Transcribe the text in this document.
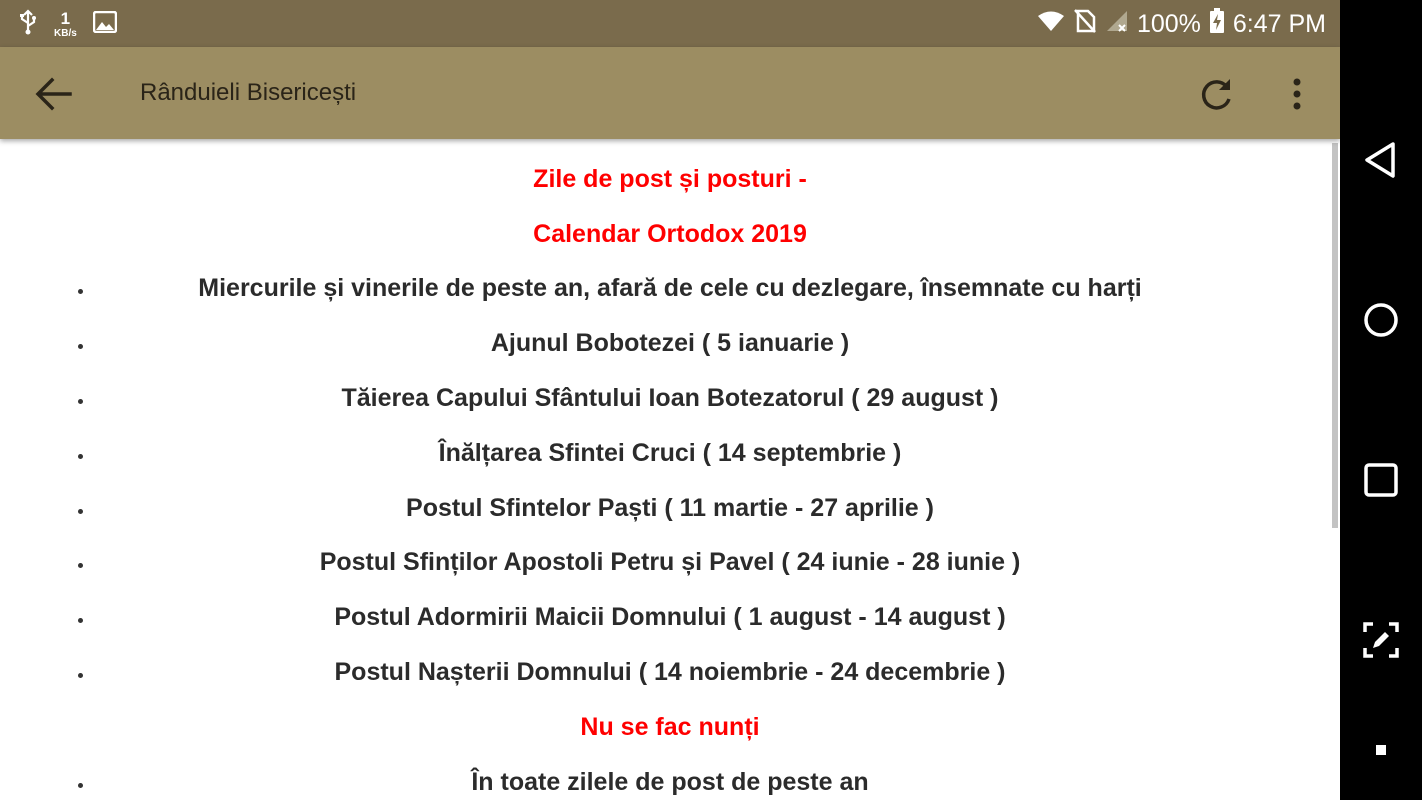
1
KB/s	100% 6:47 PM
Rânduieli Bisericești
Zile de post și posturi -
Calendar Ortodox 2019
Miercurile și vinerile de peste an, afară de cele cu dezlegare, însemnate cu harți
Ajunul Bobotezei ( 5 ianuarie )
Tăierea Capului Sfântului Ioan Botezatorul ( 29 august )
Înălțarea Sfintei Cruci ( 14 septembrie )
Postul Sfintelor Paști ( 11 martie - 27 aprilie )
Postul Sfinților Apostoli Petru și Pavel ( 24 iunie - 28 iunie )
Postul Adormirii Maicii Domnului ( 1 august - 14 august )
Postul Nașterii Domnului ( 14 noiembrie - 24 decembrie )
Nu se fac nunți
În toate zilele de post de peste an
